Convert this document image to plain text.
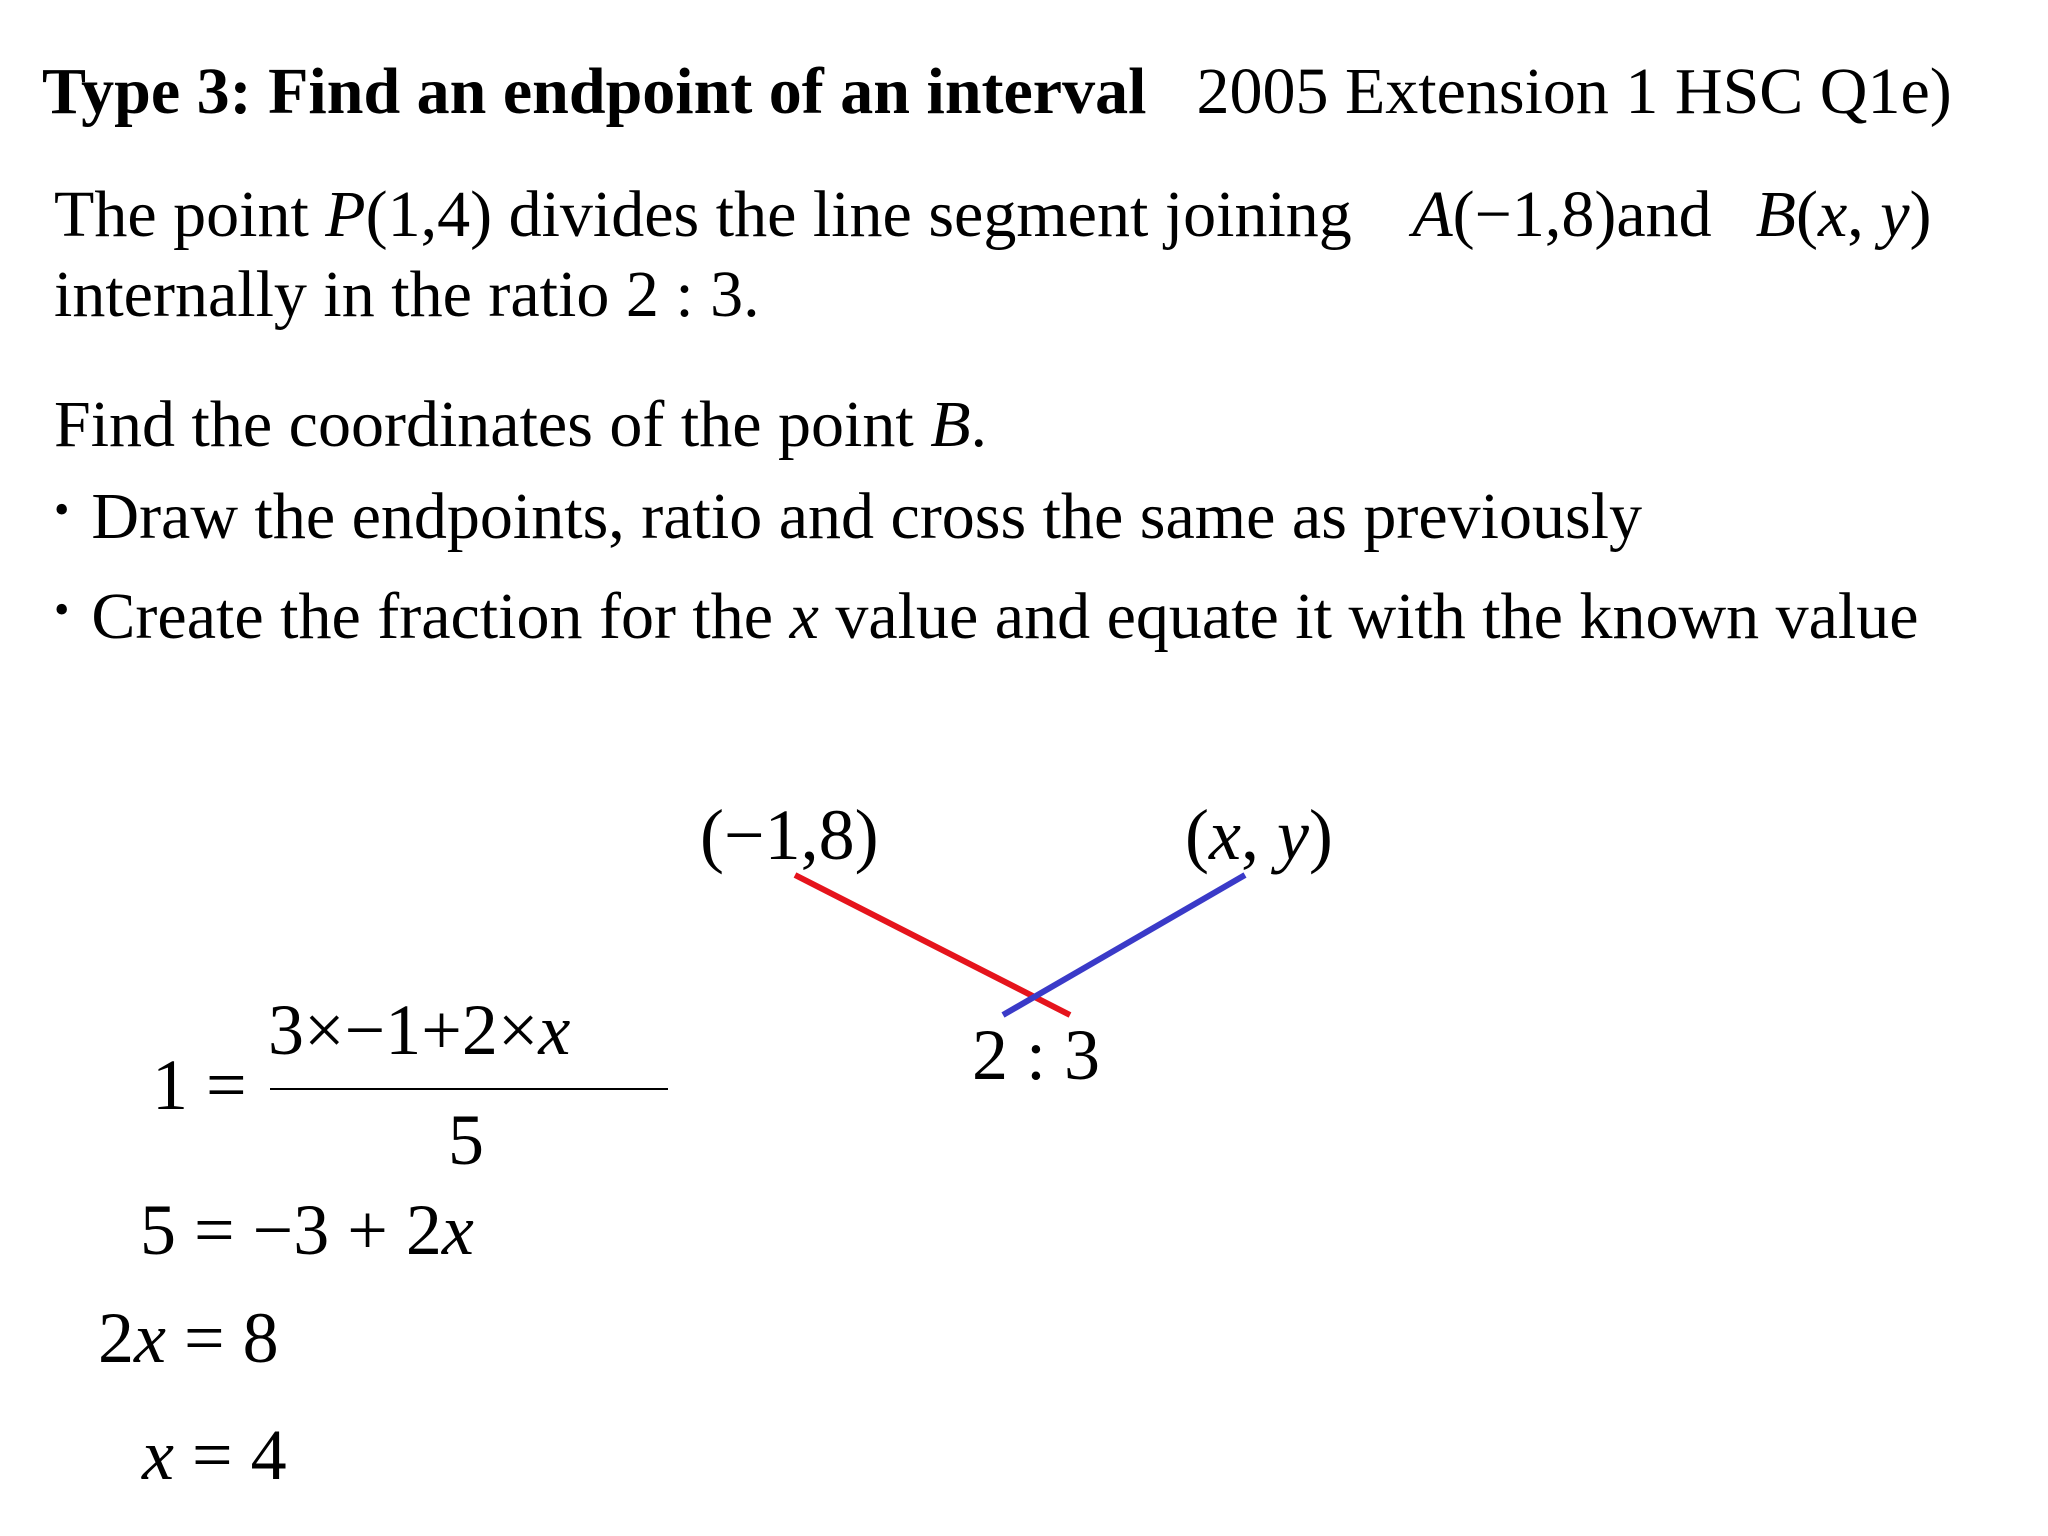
Type 3: Find an endpoint of an interval 2005 Extension 1 HSC Q1e)
The point P(1,4) divides the line segment joining A(−1,8)and B(x, y)
internally in the ratio 2 : 3.
Find the coordinates of the point B.
• Draw the endpoints, ratio and cross the same as previously
• Create the fraction for the x value and equate it with the known value
(−1,8)	(x, y)
2 : 3
1 =
3×−1+2×x
5
5 = −3 + 2x
2x = 8
x = 4
